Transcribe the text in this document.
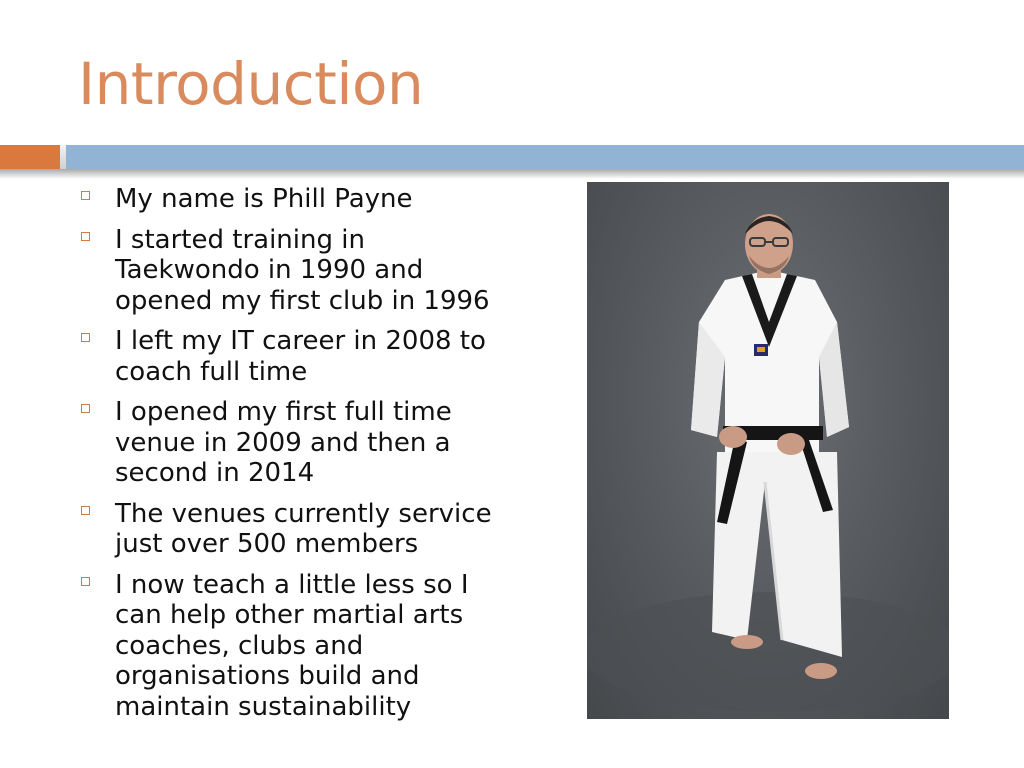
Introduction
My name is Phill Payne
I started training in Taekwondo in 1990 and opened my first club in 1996
I left my IT career in 2008 to coach full time
I opened my first full time venue in 2009 and then a second in 2014
The venues currently service just over 500 members
I now teach a little less so I can help other martial arts coaches, clubs and organisations build and maintain sustainability
